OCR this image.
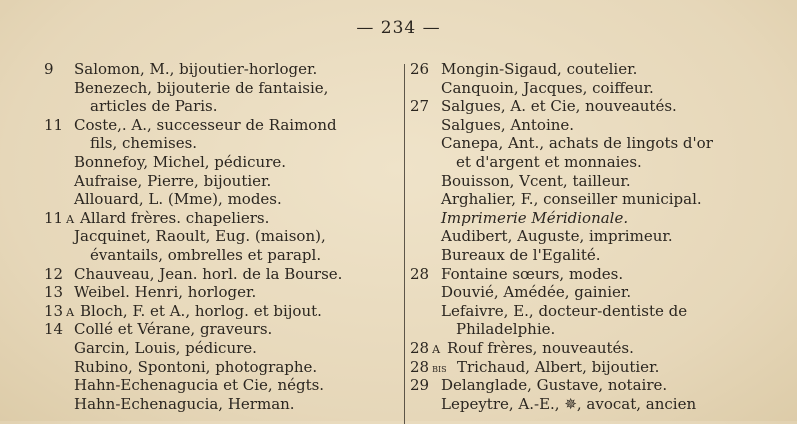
— 234 —
9	Salomon, M., bijoutier-horloger.
Benezech, bijouterie de fantaisie,
articles de Paris.
11 Coste,. A., successeur de Raimond
fils, chemises.
Bonnefoy, Michel, pédicure.
Aufraise, Pierre, bijoutier.
Allouard, L. (Mme), modes.
11 A Allard frères. chapeliers.
Jacquinet, Raoult, Eug. (maison),
évantails, ombrelles et parapl.
12 Chauveau, Jean. horl. de la Bourse.
13 Weibel. Henri, horloger.
13 A Bloch, F. et A., horlog. et bijout.
14 Collé et Vérane, graveurs.
Garcin, Louis, pédicure.
Rubino, Spontoni, photographe.
Hahn-Echenagucia et Cie, négts.
Hahn-Echenagucia, Herman.
26 Mongin-Sigaud, coutelier.
Canquoin, Jacques, coiffeur.
27 Salgues, A. et Cie, nouveautés.
Salgues, Antoine.
Canepa, Ant., achats de lingots d'or
et d'argent et monnaies.
Bouisson, Vcent, tailleur.
Arghalier, F., conseiller municipal.
Imprimerie Méridionale.
Audibert, Auguste, imprimeur.
Bureaux de l'Egalité.
28 Fontaine sœurs, modes.
Douvié, Amédée, gainier.
Lefaivre, E., docteur-dentiste de
Philadelphie.
28 A Rouf frères, nouveautés.
28 bis Trichaud, Albert, bijoutier.
29 Delanglade, Gustave, notaire.
Lepeytre, A.-E., ✵, avocat, ancien
